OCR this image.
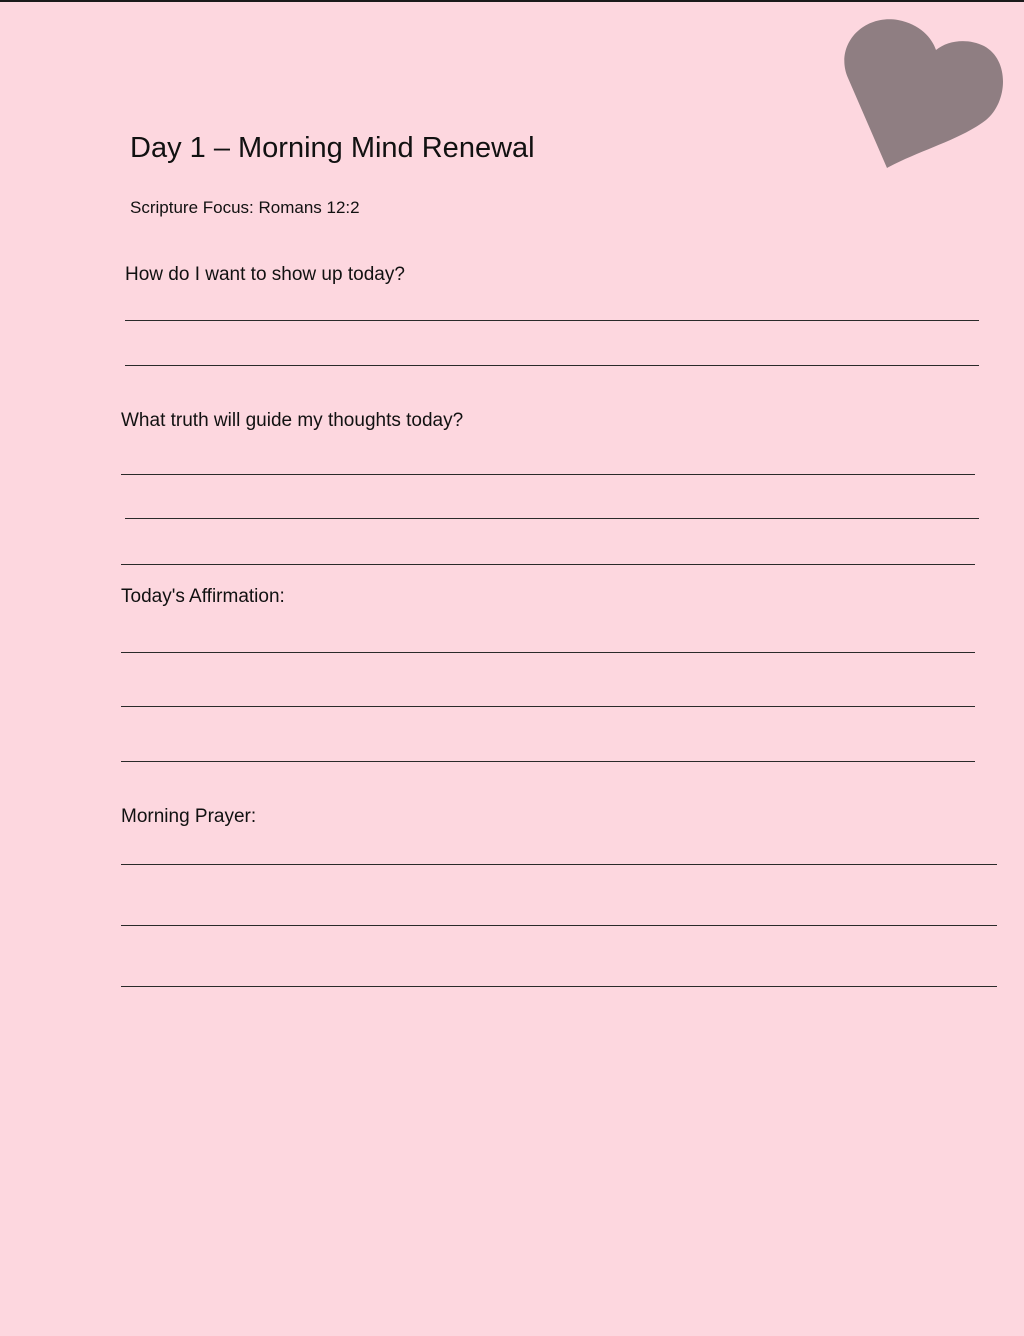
Day 1 – Morning Mind Renewal
Scripture Focus: Romans 12:2
How do I want to show up today?
What truth will guide my thoughts today?
Today's Affirmation:
Morning Prayer:
